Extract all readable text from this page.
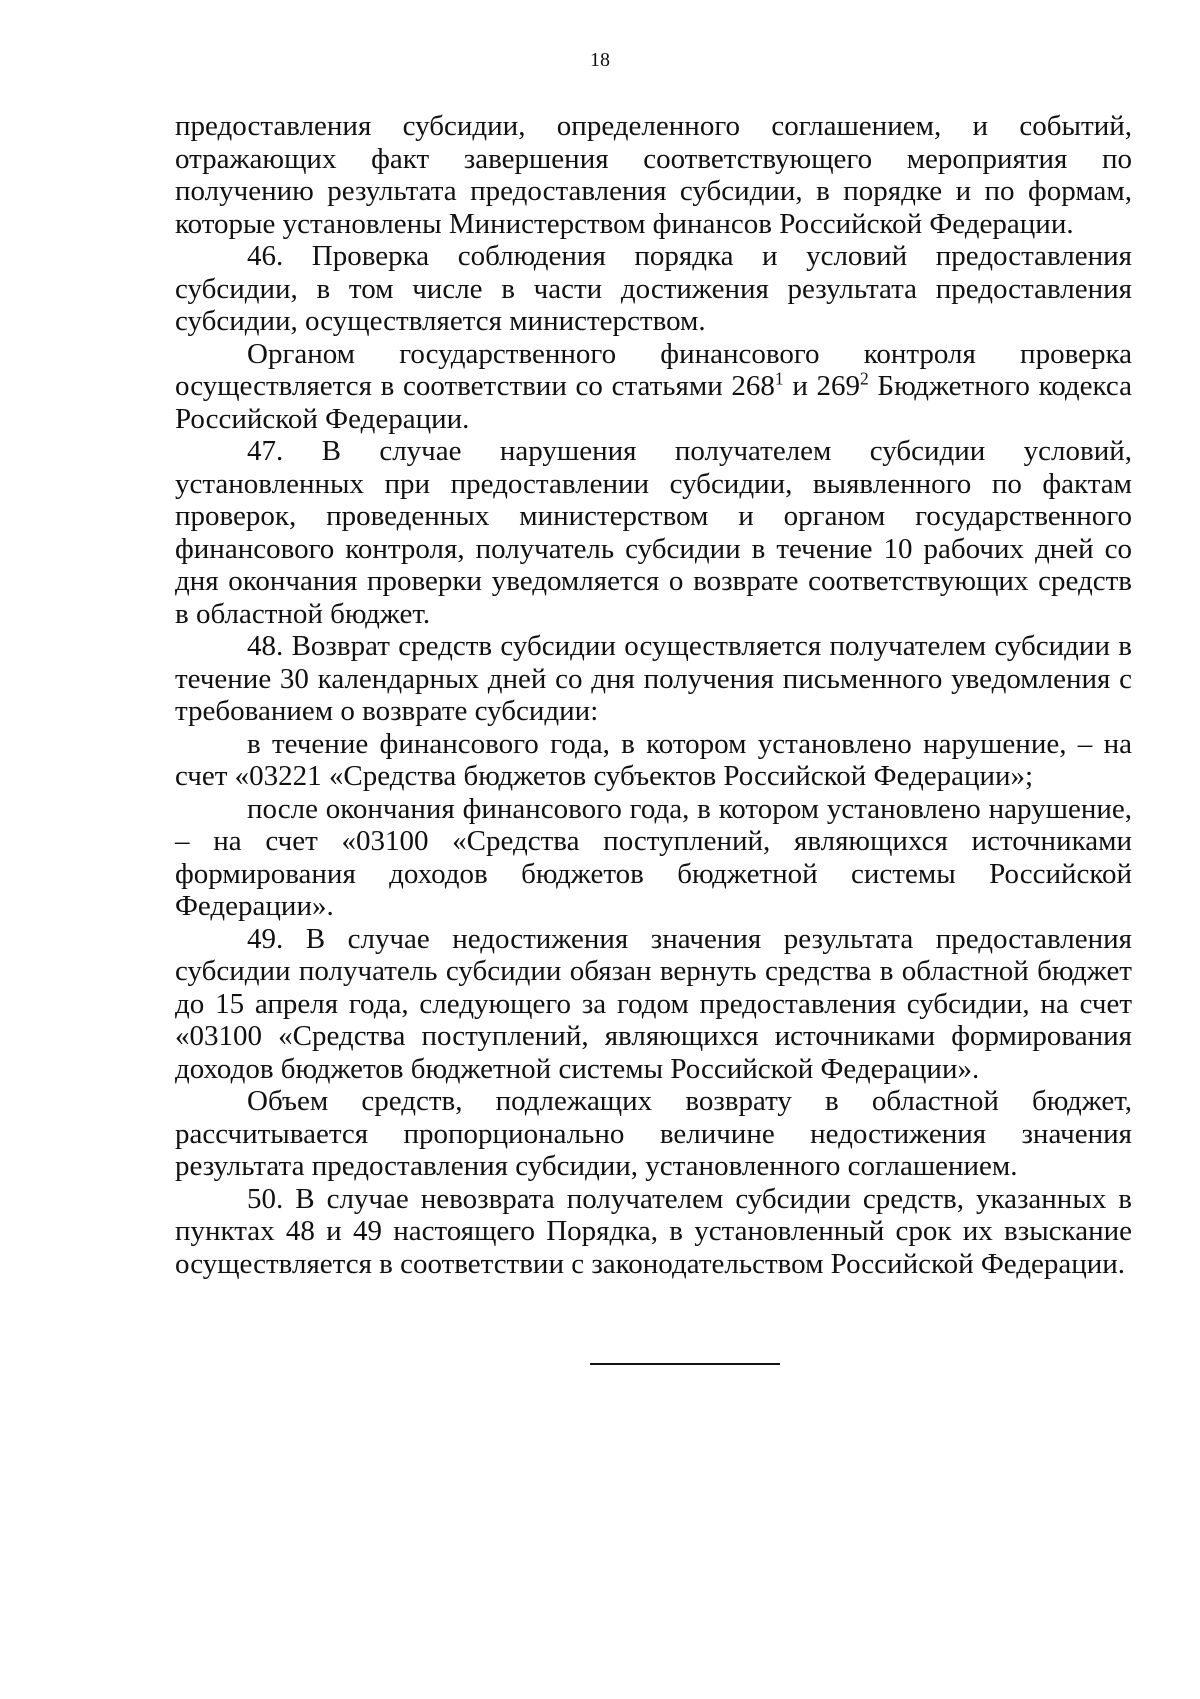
18

предоставления субсидии, определенного соглашением, и событий, отражающих факт завершения соответствующего мероприятия по получению результата предоставления субсидии, в порядке и по формам, которые установлены Министерством финансов Российской Федерации.

46. Проверка соблюдения порядка и условий предоставления субсидии, в том числе в части достижения результата предоставления субсидии, осуществляется министерством.

Органом государственного финансового контроля проверка осуществляется в соответствии со статьями $268^1$ и $269^2$ Бюджетного кодекса Российской Федерации.

47. В случае нарушения получателем субсидии условий, установленных при предоставлении субсидии, выявленного по фактам проверок, проведенных министерством и органом государственного финансового контроля, получатель субсидии в течение 10 рабочих дней со дня окончания проверки уведомляется о возврате соответствующих средств в областной бюджет.

48. Возврат средств субсидии осуществляется получателем субсидии в течение 30 календарных дней со дня получения письменного уведомления с требованием о возврате субсидии:

в течение финансового года, в котором установлено нарушение, – на счет «03221 «Средства бюджетов субъектов Российской Федерации»;

после окончания финансового года, в котором установлено нарушение, – на счет «03100 «Средства поступлений, являющихся источниками формирования доходов бюджетов бюджетной системы Российской Федерации».

49. В случае недостижения значения результата предоставления субсидии получатель субсидии обязан вернуть средства в областной бюджет до 15 апреля года, следующего за годом предоставления субсидии, на счет «03100 «Средства поступлений, являющихся источниками формирования доходов бюджетов бюджетной системы Российской Федерации».

Объем средств, подлежащих возврату в областной бюджет, рассчитывается пропорционально величине недостижения значения результата предоставления субсидии, установленного соглашением.

50. В случае невозврата получателем субсидии средств, указанных в пунктах 48 и 49 настоящего Порядка, в установленный срок их взыскание осуществляется в соответствии с законодательством Российской Федерации.
